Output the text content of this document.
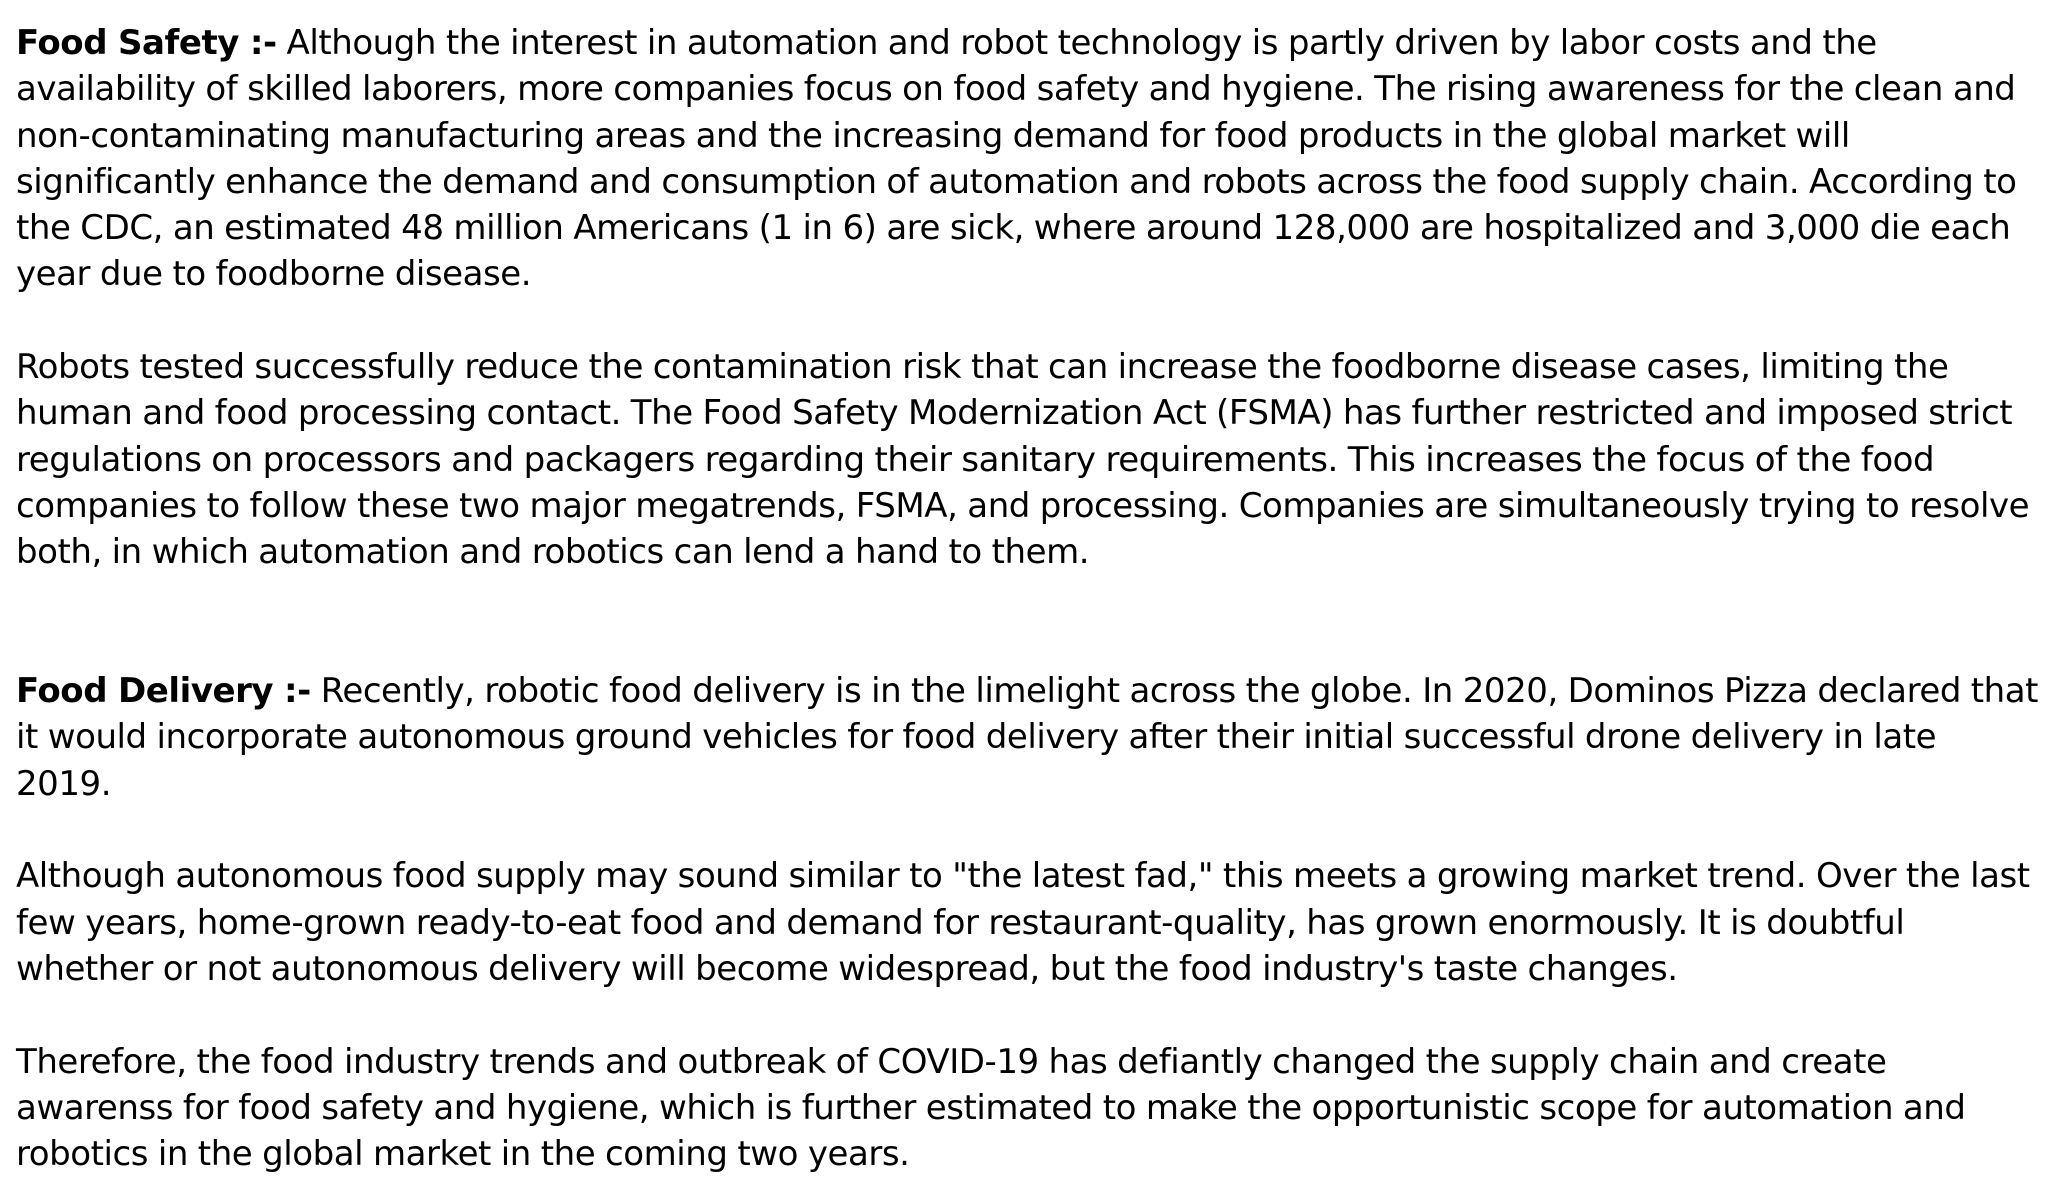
Food Safety :- Although the interest in automation and robot technology is partly driven by labor costs and the availability of skilled laborers, more companies focus on food safety and hygiene. The rising awareness for the clean and non-contaminating manufacturing areas and the increasing demand for food products in the global market will significantly enhance the demand and consumption of automation and robots across the food supply chain. According to the CDC, an estimated 48 million Americans (1 in 6) are sick, where around 128,000 are hospitalized and 3,000 die each year due to foodborne disease.

Robots tested successfully reduce the contamination risk that can increase the foodborne disease cases, limiting the human and food processing contact. The Food Safety Modernization Act (FSMA) has further restricted and imposed strict regulations on processors and packagers regarding their sanitary requirements. This increases the focus of the food companies to follow these two major megatrends, FSMA, and processing. Companies are simultaneously trying to resolve both, in which automation and robotics can lend a hand to them.

Food Delivery :- Recently, robotic food delivery is in the limelight across the globe. In 2020, Dominos Pizza declared that it would incorporate autonomous ground vehicles for food delivery after their initial successful drone delivery in late 2019.

Although autonomous food supply may sound similar to "the latest fad," this meets a growing market trend. Over the last few years, home-grown ready-to-eat food and demand for restaurant-quality, has grown enormously. It is doubtful whether or not autonomous delivery will become widespread, but the food industry's taste changes.

Therefore, the food industry trends and outbreak of COVID-19 has defiantly changed the supply chain and create awarenss for food safety and hygiene, which is further estimated to make the opportunistic scope for automation and robotics in the global market in the coming two years.
